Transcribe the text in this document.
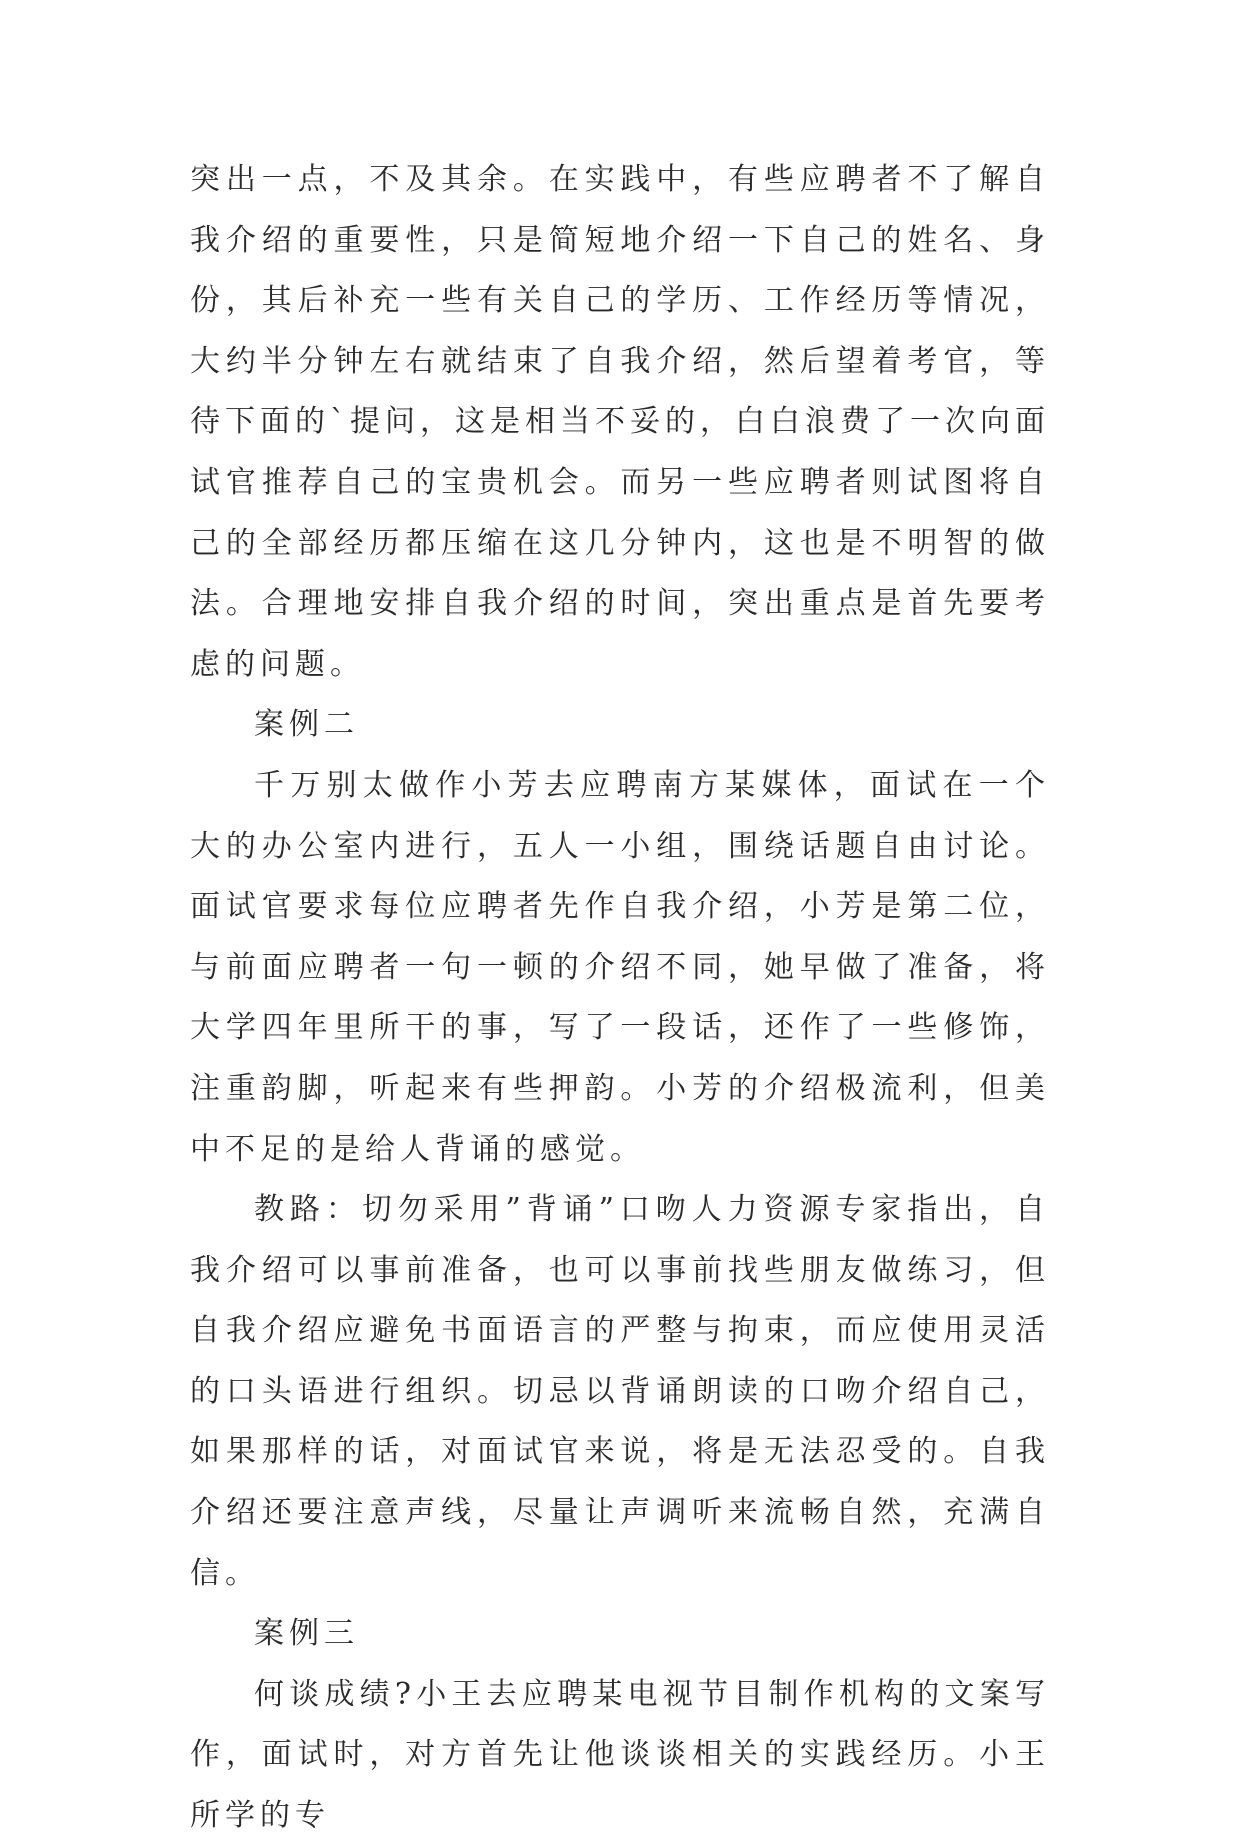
突出一点，不及其余。在实践中，有些应聘者不了解自我介绍的重要性，只是简短地介绍一下自己的姓名、身份，其后补充一些有关自己的学历、工作经历等情况，大约半分钟左右就结束了自我介绍，然后望着考官，等待下面的`提问，这是相当不妥的，白白浪费了一次向面试官推荐自己的宝贵机会。而另一些应聘者则试图将自己的全部经历都压缩在这几分钟内，这也是不明智的做法。合理地安排自我介绍的时间，突出重点是首先要考虑的问题。

案例二

千万别太做作小芳去应聘南方某媒体，面试在一个大的办公室内进行，五人一小组，围绕话题自由讨论。面试官要求每位应聘者先作自我介绍，小芳是第二位，与前面应聘者一句一顿的介绍不同，她早做了准备，将大学四年里所干的事，写了一段话，还作了一些修饰，注重韵脚，听起来有些押韵。小芳的介绍极流利，但美中不足的是给人背诵的感觉。

教路：切勿采用”背诵”口吻人力资源专家指出，自我介绍可以事前准备，也可以事前找些朋友做练习，但自我介绍应避免书面语言的严整与拘束，而应使用灵活的口头语进行组织。切忌以背诵朗读的口吻介绍自己，如果那样的话，对面试官来说，将是无法忍受的。自我介绍还要注意声线，尽量让声调听来流畅自然，充满自信。

案例三

何谈成绩?小王去应聘某电视节目制作机构的文案写作，面试时，对方首先让他谈谈相关的实践经历。小王所学的专
